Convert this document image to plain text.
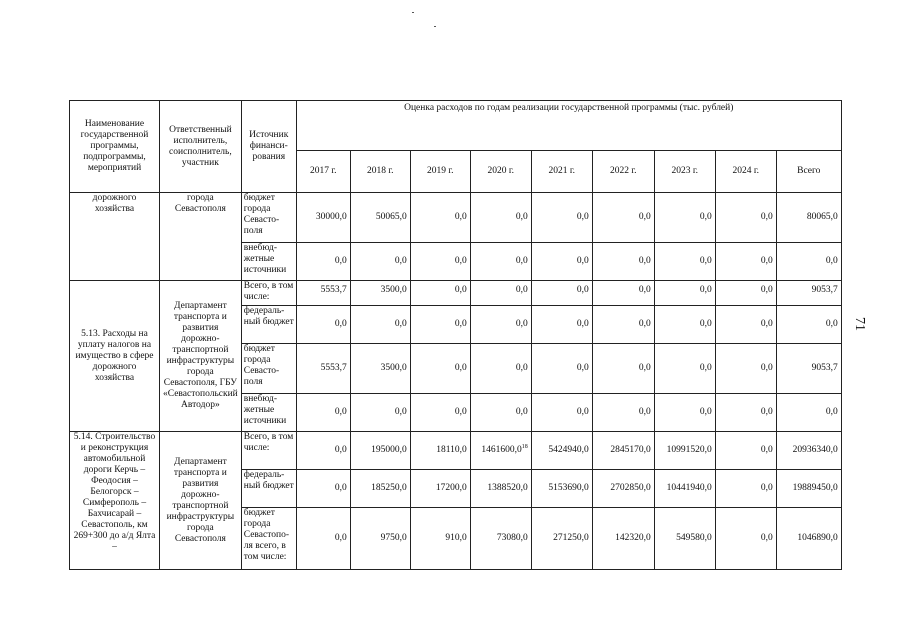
Наименование государственной программы, подпрограммы, мероприятий	Ответственный исполнитель, соисполнитель, участник	Источник финанси-рования	Оценка расходов по годам реализации государственной программы (тыс. рублей)								
			2017 г.	2018 г.	2019 г.	2020 г.	2021 г.	2022 г.	2023 г.	2024 г.	Всего
дорожного хозяйства	города Севастополя	бюджет города Севасто-поля	30000,0	50065,0	0,0	0,0	0,0	0,0	0,0	0,0	80065,0
		внебюд-жетные источники	0,0	0,0	0,0	0,0	0,0	0,0	0,0	0,0	0,0
5.13. Расходы на уплату налогов на имущество в сфере дорожного хозяйства	Департамент транспорта и развития дорожно-транспортной инфраструктуры города Севастополя, ГБУ «Севастопольский Автодор»	Всего, в том числе:	5553,7	3500,0	0,0	0,0	0,0	0,0	0,0	0,0	9053,7
		федераль-ный бюджет	0,0	0,0	0,0	0,0	0,0	0,0	0,0	0,0	0,0
		бюджет города Севасто-поля	5553,7	3500,0	0,0	0,0	0,0	0,0	0,0	0,0	9053,7
		внебюд-жетные источники	0,0	0,0	0,0	0,0	0,0	0,0	0,0	0,0	0,0
5.14. Строительство и реконструкция автомобильной дороги Керчь – Феодосия – Белогорск – Симферополь – Бахчисарай – Севастополь, км 269+300 до а/д Ялта –	Департамент транспорта и развития дорожно-транспортной инфраструктуры города Севастополя	Всего, в том числе:	0,0	195000,0	18110,0	1461600,0$^{18}$	5424940,0	2845170,0	10991520,0	0,0	20936340,0
		федераль-ный бюджет	0,0	185250,0	17200,0	1388520,0	5153690,0	2702850,0	10441940,0	0,0	19889450,0
		бюджет города Севастопо-ля всего, в том числе:	0,0	9750,0	910,0	73080,0	271250,0	142320,0	549580,0	0,0	1046890,0
71
